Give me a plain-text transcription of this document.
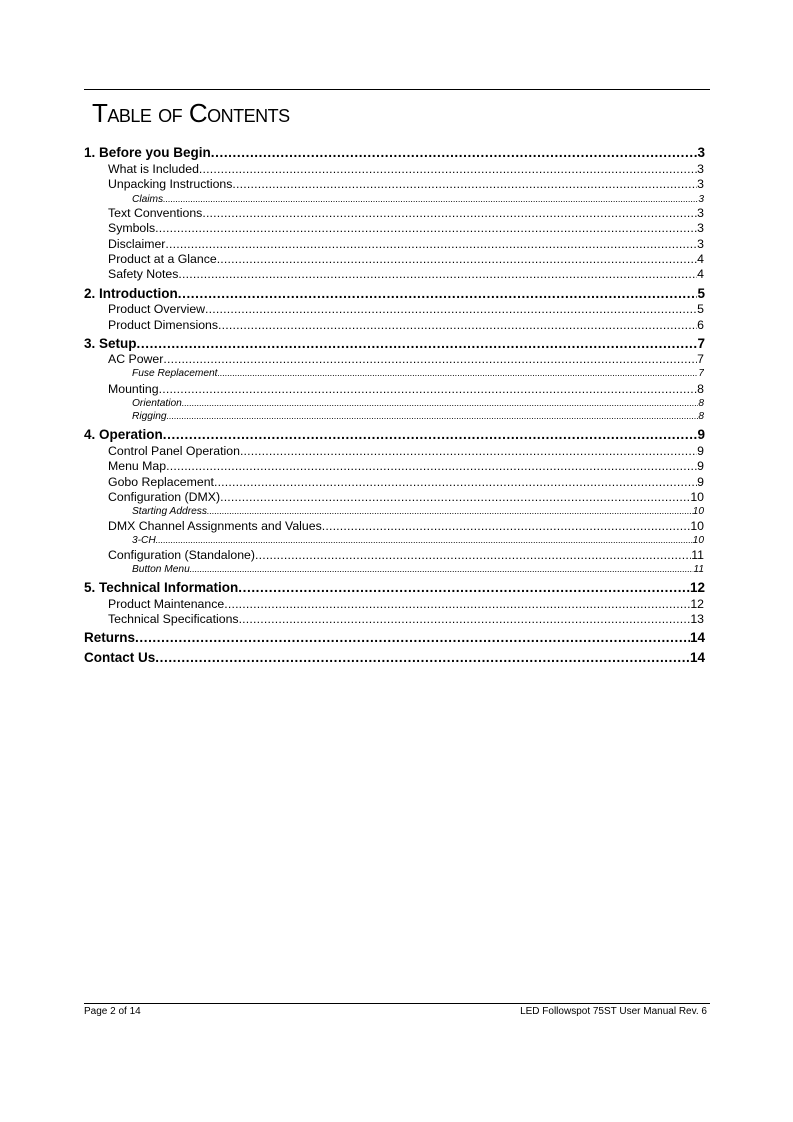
Table of Contents
1. Before you Begin .....	3
What is Included .....	3
Unpacking Instructions .....	3
Claims .....	3
Text Conventions .....	3
Symbols .....	3
Disclaimer .....	3
Product at a Glance .....	4
Safety Notes .....	4
2. Introduction .....	5
Product Overview .....	5
Product Dimensions .....	6
3. Setup .....	7
AC Power .....	7
Fuse Replacement .....	7
Mounting .....	8
Orientation .....	8
Rigging .....	8
4. Operation .....	9
Control Panel Operation .....	9
Menu Map .....	9
Gobo Replacement .....	9
Configuration (DMX) .....	10
Starting Address .....	10
DMX Channel Assignments and Values .....	10
3-CH .....	10
Configuration (Standalone) .....	11
Button Menu .....	11
5. Technical Information .....	12
Product Maintenance .....	12
Technical Specifications .....	13
Returns .....	14
Contact Us .....	14
Page 2 of 14	LED Followspot 75ST User Manual Rev. 6
